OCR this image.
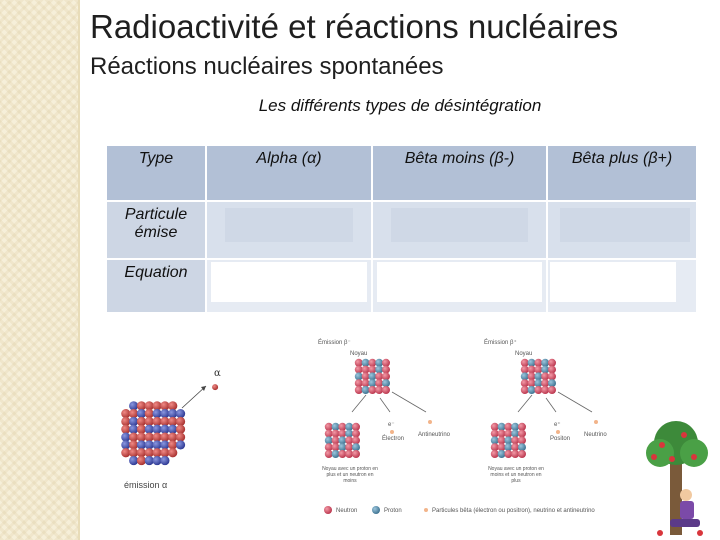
Radioactivité et réactions nucléaires
Réactions nucléaires spontanées
Les différents types de désintégration
Type	Alpha (α)	Bêta moins (β-)	Bêta plus (β+)
Particule émise	

Equation	

α
émission α
Émission β⁻
Noyau
Émission β⁺
Noyau
e⁻
Électron
Antineutrino
e⁺
Positon
Neutrino
Noyau avec un proton en plus et un neutron en moins
Noyau avec un proton en moins et un neutron en plus
Neutron	Proton	Particules bêta (électron ou positron), neutrino et antineutrino
